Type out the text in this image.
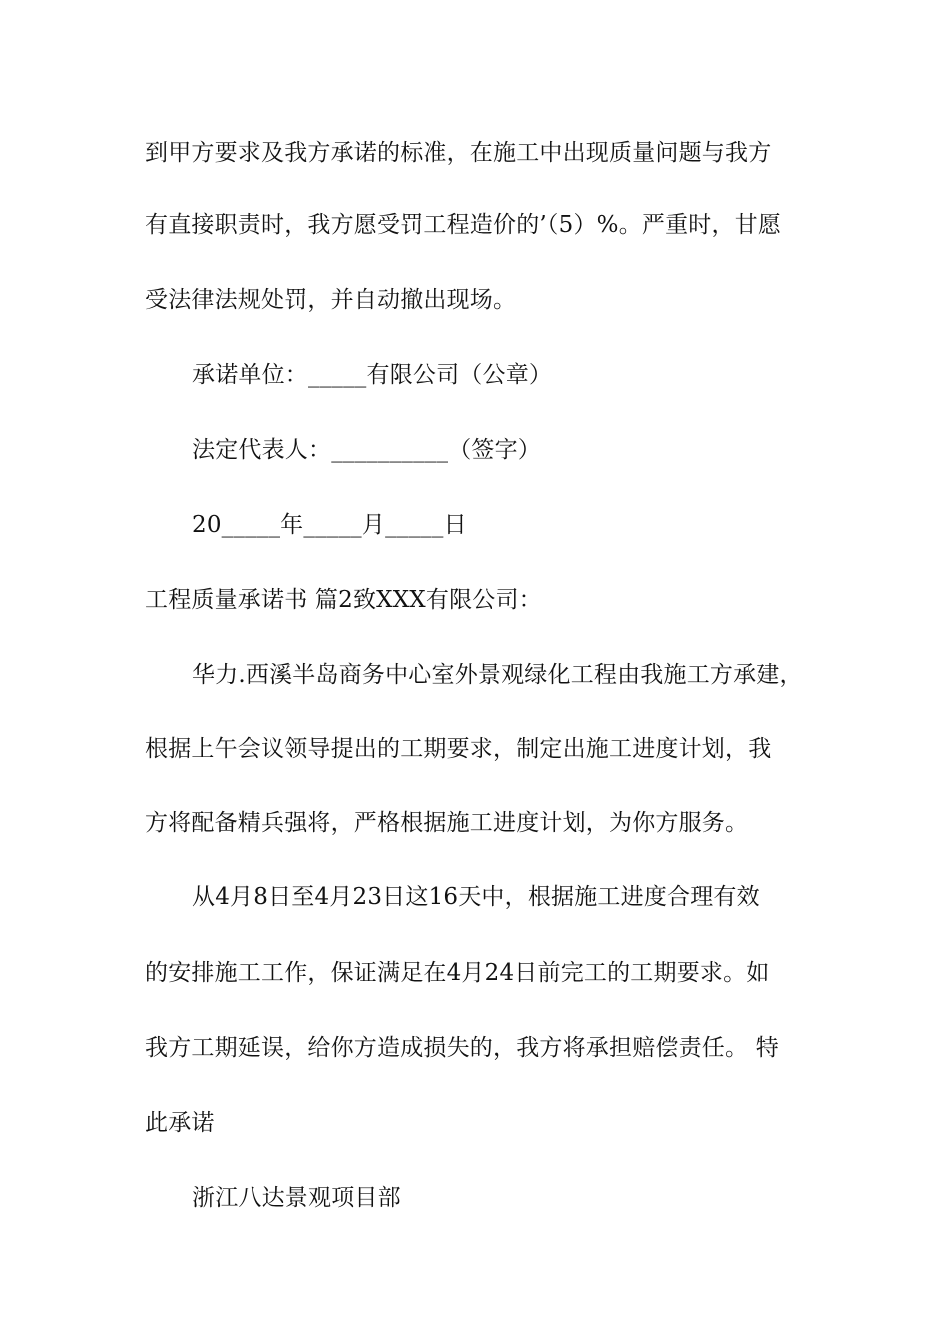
到甲方要求及我方承诺的标准，在施工中出现质量问题与我方
有直接职责时，我方愿受罚工程造价的’（5）%。严重时，甘愿
受法律法规处罚，并自动撤出现场。
承诺单位：_____有限公司（公章）
法定代表人：__________（签字）
20_____年_____月_____日
工程质量承诺书 篇2致XXX有限公司：
华力.西溪半岛商务中心室外景观绿化工程由我施工方承建，
根据上午会议领导提出的工期要求，制定出施工进度计划，我
方将配备精兵强将，严格根据施工进度计划，为你方服务。
从4月8日至4月23日这16天中，根据施工进度合理有效
的安排施工工作，保证满足在4月24日前完工的工期要求。如
我方工期延误，给你方造成损失的，我方将承担赔偿责任。 特
此承诺
浙江八达景观项目部
